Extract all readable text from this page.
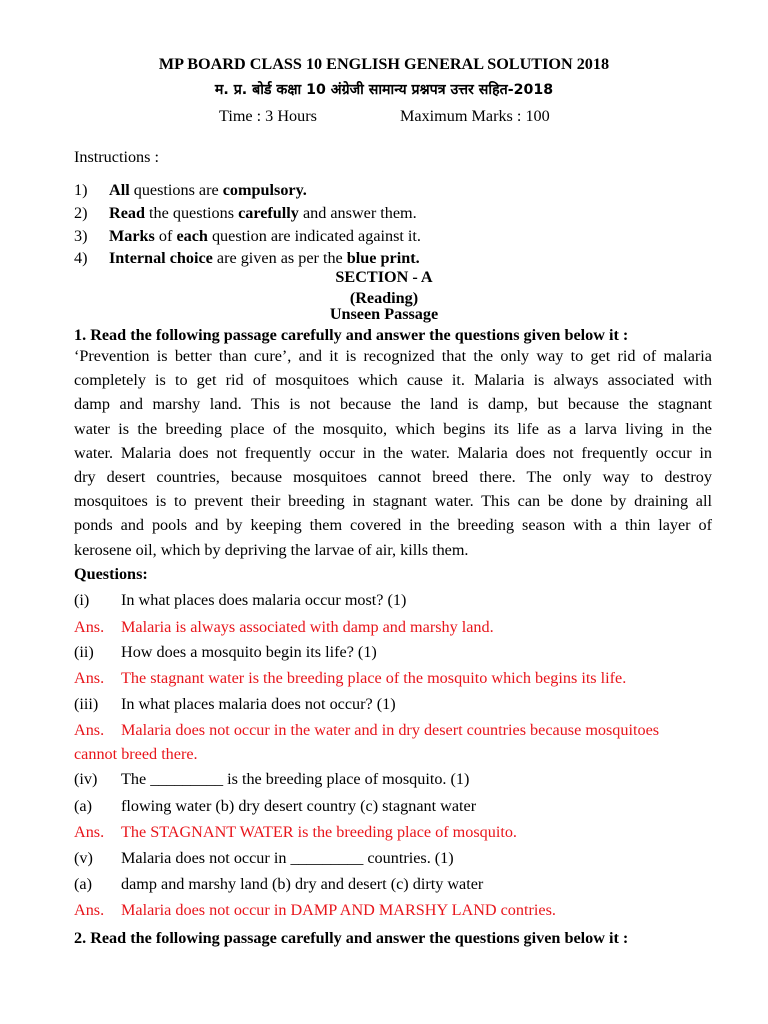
MP BOARD CLASS 10 ENGLISH GENERAL SOLUTION 2018
म. प्र. बोर्ड कक्षा 10 अंग्रेजी सामान्य प्रश्नपत्र उत्तर सहित-2018
Time : 3 Hours	Maximum Marks : 100
Instructions :
1) All questions are compulsory.
2) Read the questions carefully and answer them.
3) Marks of each question are indicated against it.
4) Internal choice are given as per the blue print.
SECTION - A
(Reading)
Unseen Passage
1. Read the following passage carefully and answer the questions given below it :
‘Prevention is better than cure’, and it is recognized that the only way to get rid of malaria
completely is to get rid of mosquitoes which cause it. Malaria is always associated with
damp and marshy land. This is not because the land is damp, but because the stagnant
water is the breeding place of the mosquito, which begins its life as a larva living in the
water. Malaria does not frequently occur in the water. Malaria does not frequently occur in
dry desert countries, because mosquitoes cannot breed there. The only way to destroy
mosquitoes is to prevent their breeding in stagnant water. This can be done by draining all
ponds and pools and by keeping them covered in the breeding season with a thin layer of
kerosene oil, which by depriving the larvae of air, kills them.
Questions:
(i) In what places does malaria occur most? (1)
Ans. Malaria is always associated with damp and marshy land.
(ii) How does a mosquito begin its life? (1)
Ans. The stagnant water is the breeding place of the mosquito which begins its life.
(iii) In what places malaria does not occur? (1)
Ans. Malaria does not occur in the water and in dry desert countries because mosquitoes
cannot breed there.
(iv) The _________ is the breeding place of mosquito. (1)
(a) flowing water (b) dry desert country (c) stagnant water
Ans. The STAGNANT WATER is the breeding place of mosquito.
(v) Malaria does not occur in _________ countries. (1)
(a) damp and marshy land (b) dry and desert (c) dirty water
Ans. Malaria does not occur in DAMP AND MARSHY LAND contries.
2. Read the following passage carefully and answer the questions given below it :
